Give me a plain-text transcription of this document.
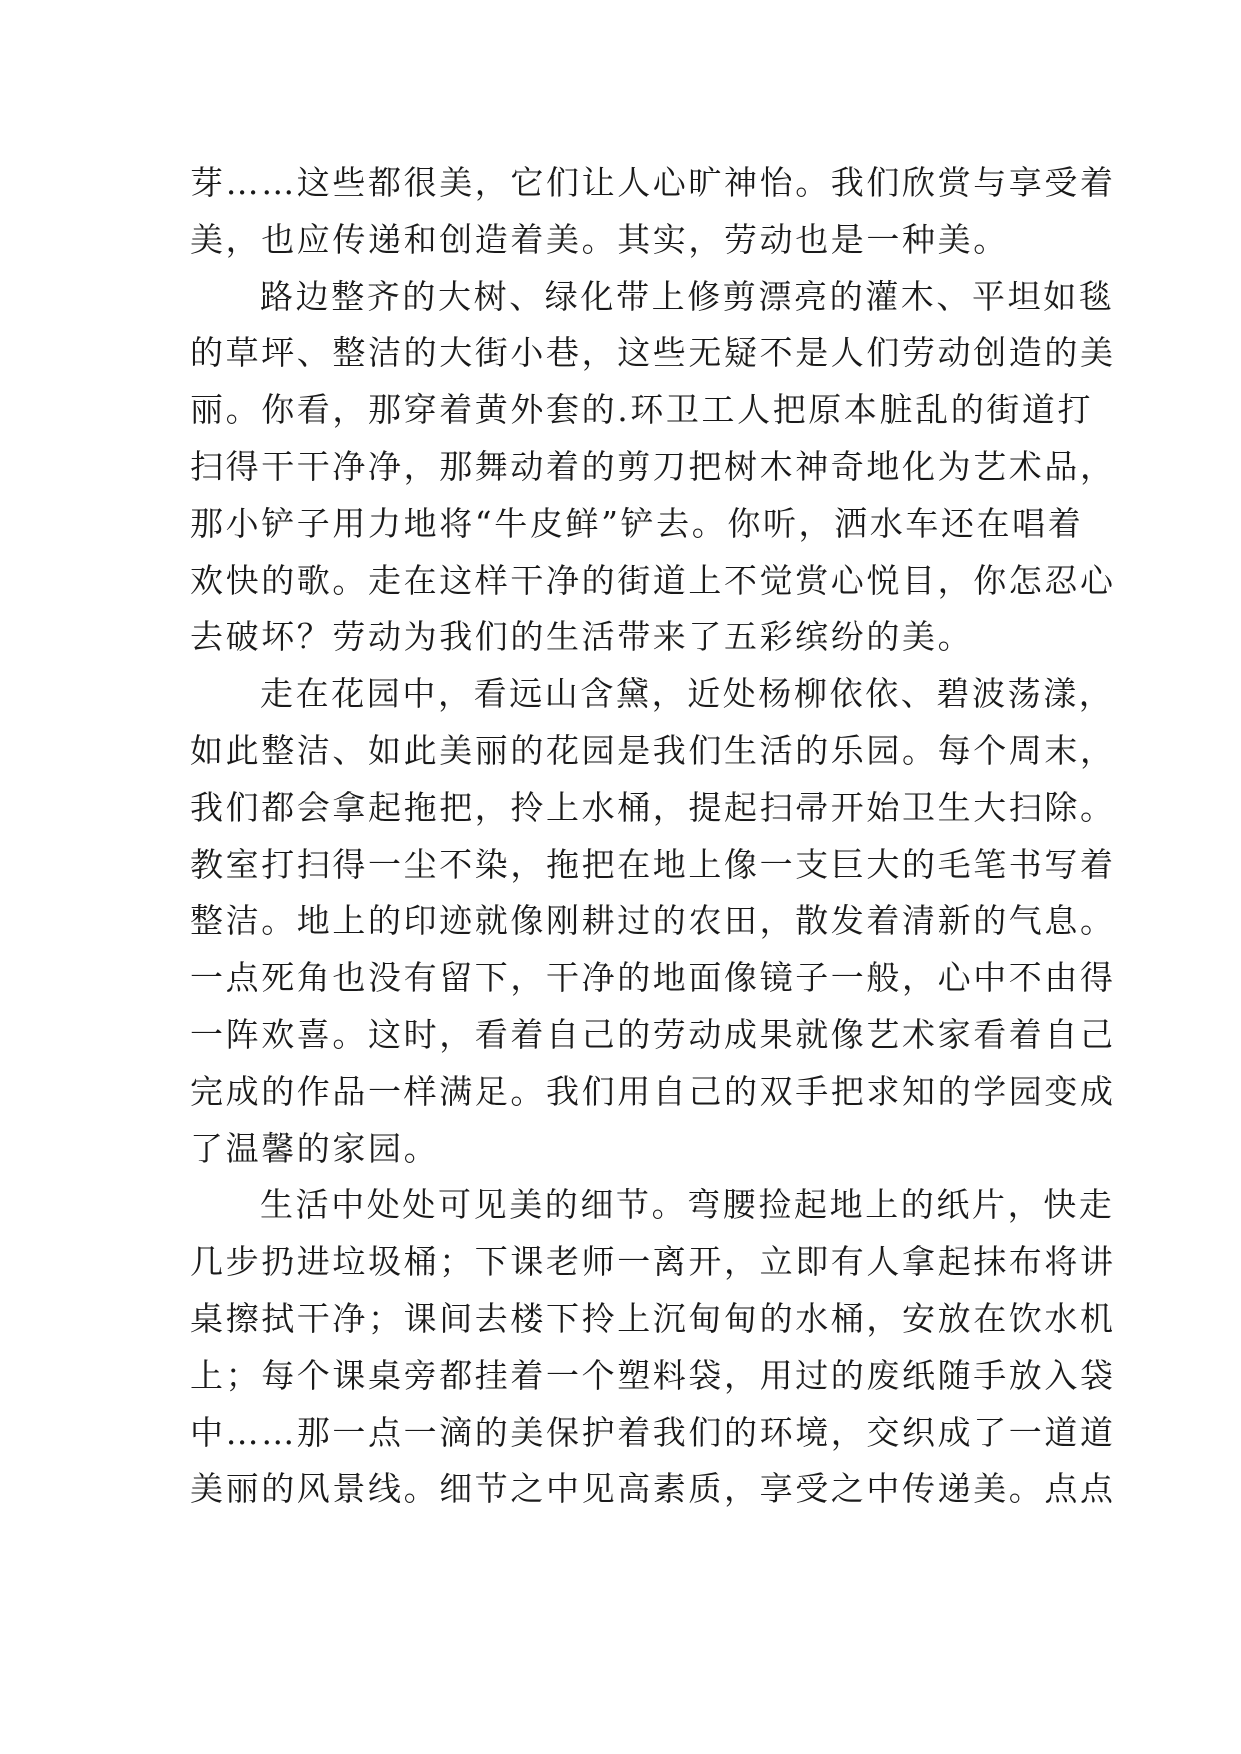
芽……这些都很美，它们让人心旷神怡。我们欣赏与享受着
美，也应传递和创造着美。其实，劳动也是一种美。
路边整齐的大树、绿化带上修剪漂亮的灌木、平坦如毯
的草坪、整洁的大街小巷，这些无疑不是人们劳动创造的美
丽。你看，那穿着黄外套的.环卫工人把原本脏乱的街道打
扫得干干净净，那舞动着的剪刀把树木神奇地化为艺术品，
那小铲子用力地将“牛皮鲜”铲去。你听，洒水车还在唱着
欢快的歌。走在这样干净的街道上不觉赏心悦目，你怎忍心
去破坏？劳动为我们的生活带来了五彩缤纷的美。
走在花园中，看远山含黛，近处杨柳依依、碧波荡漾，
如此整洁、如此美丽的花园是我们生活的乐园。每个周末，
我们都会拿起拖把，拎上水桶，提起扫帚开始卫生大扫除。
教室打扫得一尘不染，拖把在地上像一支巨大的毛笔书写着
整洁。地上的印迹就像刚耕过的农田，散发着清新的气息。
一点死角也没有留下，干净的地面像镜子一般，心中不由得
一阵欢喜。这时，看着自己的劳动成果就像艺术家看着自己
完成的作品一样满足。我们用自己的双手把求知的学园变成
了温馨的家园。
生活中处处可见美的细节。弯腰捡起地上的纸片，快走
几步扔进垃圾桶；下课老师一离开，立即有人拿起抹布将讲
桌擦拭干净；课间去楼下拎上沉甸甸的水桶，安放在饮水机
上；每个课桌旁都挂着一个塑料袋，用过的废纸随手放入袋
中……那一点一滴的美保护着我们的环境，交织成了一道道
美丽的风景线。细节之中见高素质，享受之中传递美。点点
